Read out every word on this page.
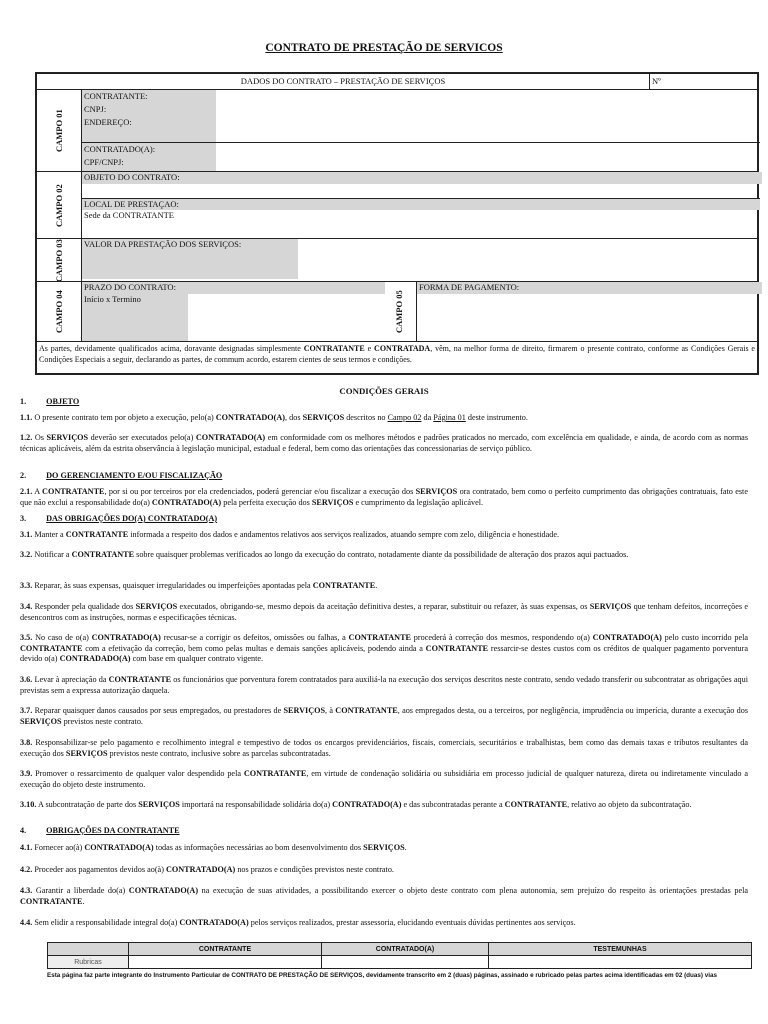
CONTRATO DE PRESTAÇÃO DE SERVICOS
DADOS DO CONTRATO – PRESTAÇÃO DE SERVIÇOS	Nº
CAMPO 01
CONTRATANTE:
CNPJ:
ENDEREÇO:
CONTRATADO(A):
CPF/CNPJ:
CAMPO 02
OBJETO DO CONTRATO:
LOCAL DE PRESTAÇAO:
Sede da CONTRATANTE
CAMPO 03	VALOR DA PRESTAÇÃO DOS SERVIÇOS:
CAMPO 04
PRAZO DO CONTRATO:
Início x Termino	CAMPO 05
FORMA DE PAGAMENTO:
As partes, devidamente qualificados acima, doravante designadas simplesmente CONTRATANTE e CONTRATADA, vêm, na melhor forma de direito, firmarem o presente contrato, conforme as Condições Gerais e Condições Especiais a seguir, declarando as partes, de commum acordo, estarem cientes de seus termos e condições.
CONDIÇÕES GERAIS
1. OBJETO
1.1. O presente contrato tem por objeto a execução, pelo(a) CONTRATADO(A), dos SERVIÇOS descritos no Campo 02 da Página 01 deste instrumento.
1.2. Os SERVIÇOS deverão ser executados pelo(a) CONTRATADO(A) em conformidade com os melhores métodos e padrões praticados no mercado, com excelência em qualidade, e ainda, de acordo com as normas técnicas aplicáveis, além da estrita observância à legislação municipal, estadual e federal, bem como das orientações das concessionarias de serviço público.
2. DO GERENCIAMENTO E/OU FISCALIZAÇÃO
2.1. A CONTRATANTE, por si ou por terceiros por ela credenciados, poderá gerenciar e/ou fiscalizar a execução dos SERVIÇOS ora contratado, bem como o perfeito cumprimento das obrigações contratuais, fato este que não exclui a responsabilidade do(a) CONTRATADO(A) pela perfeita execução dos SERVIÇOS e cumprimento da legislação aplicável.
3. DAS OBRIGAÇÕES DO(A) CONTRATADO(A)
3.1. Manter a CONTRATANTE informada a respeito dos dados e andamentos relativos aos serviços realizados, atuando sempre com zelo, diligência e honestidade.
3.2. Notificar a CONTRATANTE sobre quaisquer problemas verificados ao longo da execução do contrato, notadamente diante da possibilidade de alteração dos prazos aqui pactuados.
3.3. Reparar, às suas expensas, quaisquer irregularidades ou imperfeições apontadas pela CONTRATANTE.
3.4. Responder pela qualidade dos SERVIÇOS executados, obrigando-se, mesmo depois da aceitação definitiva destes, a reparar, substituir ou refazer, às suas expensas, os SERVIÇOS que tenham defeitos, incorreções e desencontros com as instruções, normas e especificações técnicas.
3.5. No caso de o(a) CONTRATADO(A) recusar-se a corrigir os defeitos, omissões ou falhas, a CONTRATANTE procederá à correção dos mesmos, respondendo o(a) CONTRATADO(A) pelo custo incorrido pela CONTRATANTE com a efetivação da correção, bem como pelas multas e demais sanções aplicáveis, podendo ainda a CONTRATANTE ressarcir-se destes custos com os créditos de qualquer pagamento porventura devido o(a) CONTRADADO(A) com base em qualquer contrato vigente.
3.6. Levar à apreciação da CONTRATANTE os funcionários que porventura forem contratados para auxiliá-la na execução dos serviços descritos neste contrato, sendo vedado transferir ou subcontratar as obrigações aqui previstas sem a expressa autorização daquela.
3.7. Reparar quaisquer danos causados por seus empregados, ou prestadores de SERVIÇOS, à CONTRATANTE, aos empregados desta, ou a terceiros, por negligência, imprudência ou imperícia, durante a execução dos SERVIÇOS previstos neste contrato.
3.8. Responsabilizar-se pelo pagamento e recolhimento integral e tempestivo de todos os encargos previdenciários, fiscais, comerciais, securitários e trabalhistas, bem como das demais taxas e tributos resultantes da execução dos SERVIÇOS previstos neste contrato, inclusive sobre as parcelas subcontratadas.
3.9. Promover o ressarcimento de qualquer valor despendido pela CONTRATANTE, em virtude de condenação solidária ou subsidiária em processo judicial de qualquer natureza, direta ou indiretamente vinculado a execução do objeto deste instrumento.
3.10. A subcontratação de parte dos SERVIÇOS importará na responsabilidade solidária do(a) CONTRATADO(A) e das subcontratadas perante a CONTRATANTE, relativo ao objeto da subcontratação.
4. OBRIGAÇÕES DA CONTRATANTE
4.1. Fornecer ao(à) CONTRATADO(A) todas as informações necessárias ao bom desenvolvimento dos SERVIÇOS.
4.2. Proceder aos pagamentos devidos ao(à) CONTRATADO(A) nos prazos e condições previstos neste contrato.
4.3. Garantir a liberdade do(a) CONTRATADO(A) na execução de suas atividades, a possibilitando exercer o objeto deste contrato com plena autonomia, sem prejuízo do respeito às orientações prestadas pela CONTRATANTE.
4.4. Sem elidir a responsabilidade integral do(a) CONTRATADO(A) pelos serviços realizados, prestar assessoria, elucidando eventuais dúvidas pertinentes aos serviços.
	CONTRATANTE	CONTRATADO(A)	TESTEMUNHAS
Rubricas			
Esta página faz parte integrante do Instrumento Particular de CONTRATO DE PRESTAÇÃO DE SERVIÇOS, devidamente transcrito em 2 (duas) páginas, assinado e rubricado pelas partes acima identificadas em 02 (duas) vias
